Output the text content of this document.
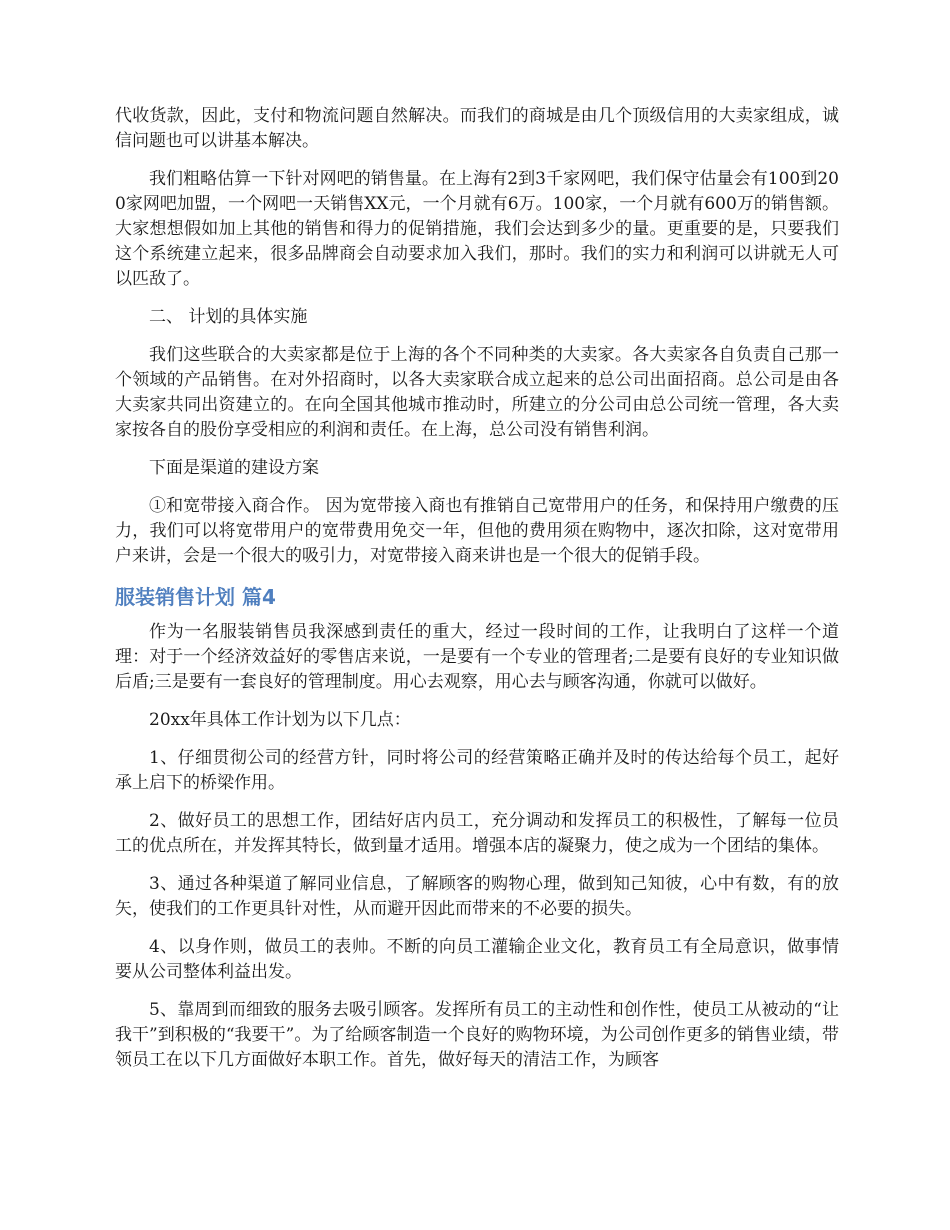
代收货款，因此，支付和物流问题自然解决。而我们的商城是由几个顶级信用的大卖家组成，诚信问题也可以讲基本解决。

我们粗略估算一下针对网吧的销售量。在上海有2到3千家网吧，我们保守估量会有100到200家网吧加盟，一个网吧一天销售XX元，一个月就有6万。100家，一个月就有600万的销售额。大家想想假如加上其他的销售和得力的促销措施，我们会达到多少的量。更重要的是，只要我们这个系统建立起来，很多品牌商会自动要求加入我们，那时。我们的实力和利润可以讲就无人可以匹敌了。

二、 计划的具体实施

我们这些联合的大卖家都是位于上海的各个不同种类的大卖家。各大卖家各自负责自己那一个领域的产品销售。在对外招商时，以各大卖家联合成立起来的总公司出面招商。总公司是由各大卖家共同出资建立的。在向全国其他城市推动时，所建立的分公司由总公司统一管理，各大卖家按各自的股份享受相应的利润和责任。在上海，总公司没有销售利润。

下面是渠道的建设方案

①和宽带接入商合作。 因为宽带接入商也有推销自己宽带用户的任务，和保持用户缴费的压力，我们可以将宽带用户的宽带费用免交一年，但他的费用须在购物中，逐次扣除，这对宽带用户来讲，会是一个很大的吸引力，对宽带接入商来讲也是一个很大的促销手段。

服装销售计划 篇4

作为一名服装销售员我深感到责任的重大，经过一段时间的工作，让我明白了这样一个道理：对于一个经济效益好的零售店来说，一是要有一个专业的管理者;二是要有良好的专业知识做后盾;三是要有一套良好的管理制度。用心去观察，用心去与顾客沟通，你就可以做好。

20xx年具体工作计划为以下几点：

1、仔细贯彻公司的经营方针，同时将公司的经营策略正确并及时的传达给每个员工，起好承上启下的桥梁作用。

2、做好员工的思想工作，团结好店内员工，充分调动和发挥员工的积极性，了解每一位员工的优点所在，并发挥其特长，做到量才适用。增强本店的凝聚力，使之成为一个团结的集体。

3、通过各种渠道了解同业信息，了解顾客的购物心理，做到知己知彼，心中有数，有的放矢，使我们的工作更具针对性，从而避开因此而带来的不必要的损失。

4、以身作则，做员工的表帅。不断的向员工灌输企业文化，教育员工有全局意识，做事情要从公司整体利益出发。

5、靠周到而细致的服务去吸引顾客。发挥所有员工的主动性和创作性，使员工从被动的“让我干”到积极的“我要干”。为了给顾客制造一个良好的购物环境，为公司创作更多的销售业绩，带领员工在以下几方面做好本职工作。首先，做好每天的清洁工作，为顾客
